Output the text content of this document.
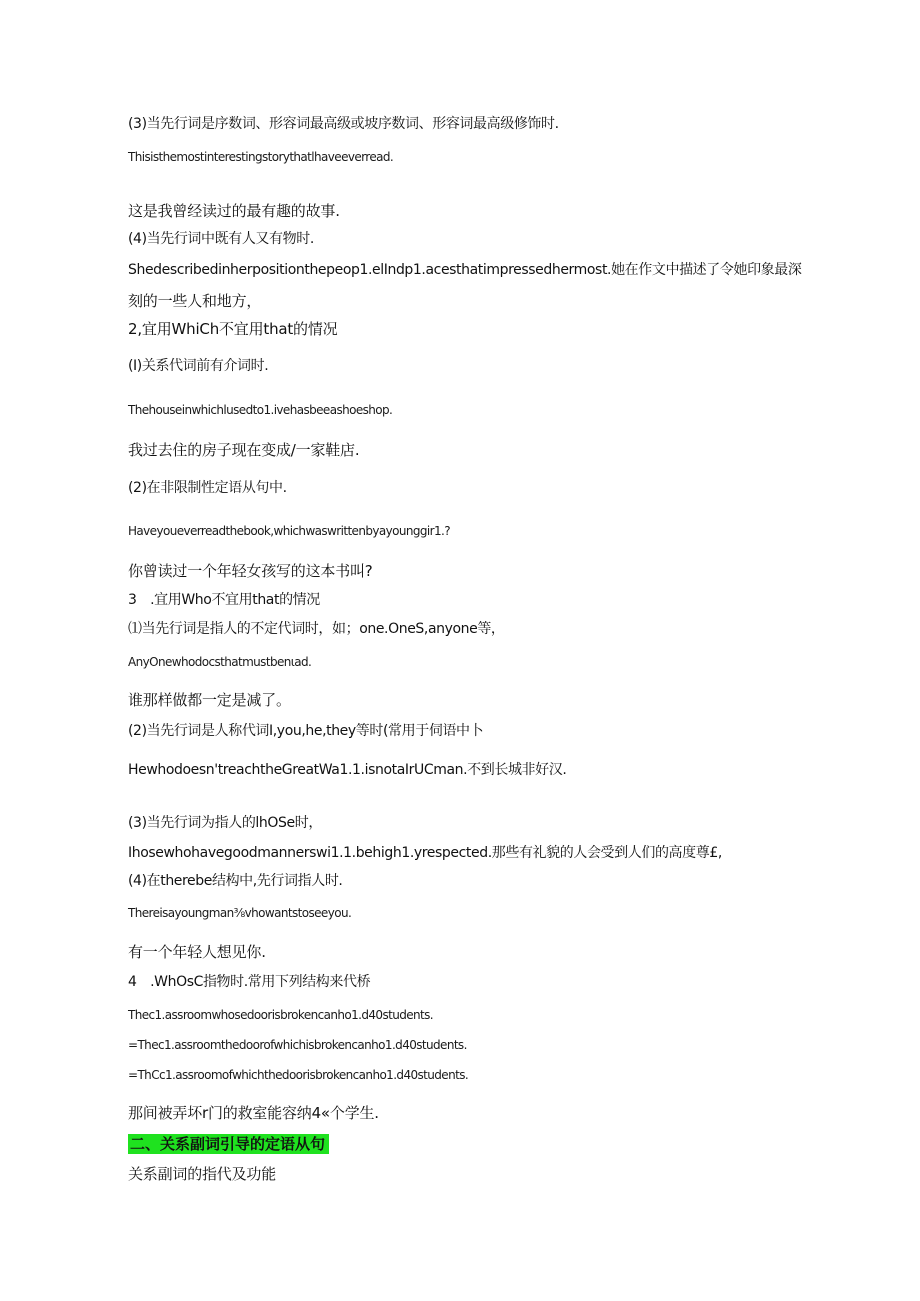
(3)当先行词是序数词、形容词最高级或坡序数词、形容词最高级修饰时.
Thisisthemostinterestingstorythatlhaveeverread.
这是我曾经读过的最有趣的故事.
(4)当先行词中既有人又有物时.
Shedescribedinherpositionthepeop1.elIndp1.acesthatimpressedhermost.她在作文中描述了令她印象最深
刻的一些人和地方，
2,宜用WhiCh不宜用that的情况
(I)关系代词前有介词时.
Thehouseinwhichlusedto1.ivehasbeeashoeshop.
我过去住的房子现在变成/一家鞋店.
(2)在非限制性定语从句中.
Haveyoueverreadthebook,whichwaswrittenbyayounggir1.?
你曾读过一个年轻女孩写的这本书叫?
3　.宜用Who不宜用that的情况
⑴当先行词是指人的不定代词时，如；one.OneS,anyone等，
AnyOnewhodocsthatmustbenιad.
谁那样做都一定是减了。
(2)当先行词是人称代词I,you,he,they等时(常用于伺语中卜
Hewhodoesn'treachtheGreatWa1.1.isnotaIrUCman.不到长城非好汉.
(3)当先行词为指人的lhOSe时，
Ihosewhohavegoodmannerswi1.1.behigh1.yrespected.那些有礼貌的人会受到人们的高度尊£,
(4)在therebe结构中,先行词指人时.
Thereisayoungman⅜vhowantstoseeyou.
有一个年轻人想见你.
4　.WhOsC指物时.常用下列结构来代桥
Thec1.assroomwhosedoorisbrokencanho1.d40students.
=Thec1.assroomthedoorofwhichisbrokencanho1.d40students.
=ThCc1.assroomofwhichthedoorisbrokencanho1.d40students.
那间被弄坏r门的救室能容纳4«个学生.
二、关系副词引导的定语从句
关系副词的指代及功能
